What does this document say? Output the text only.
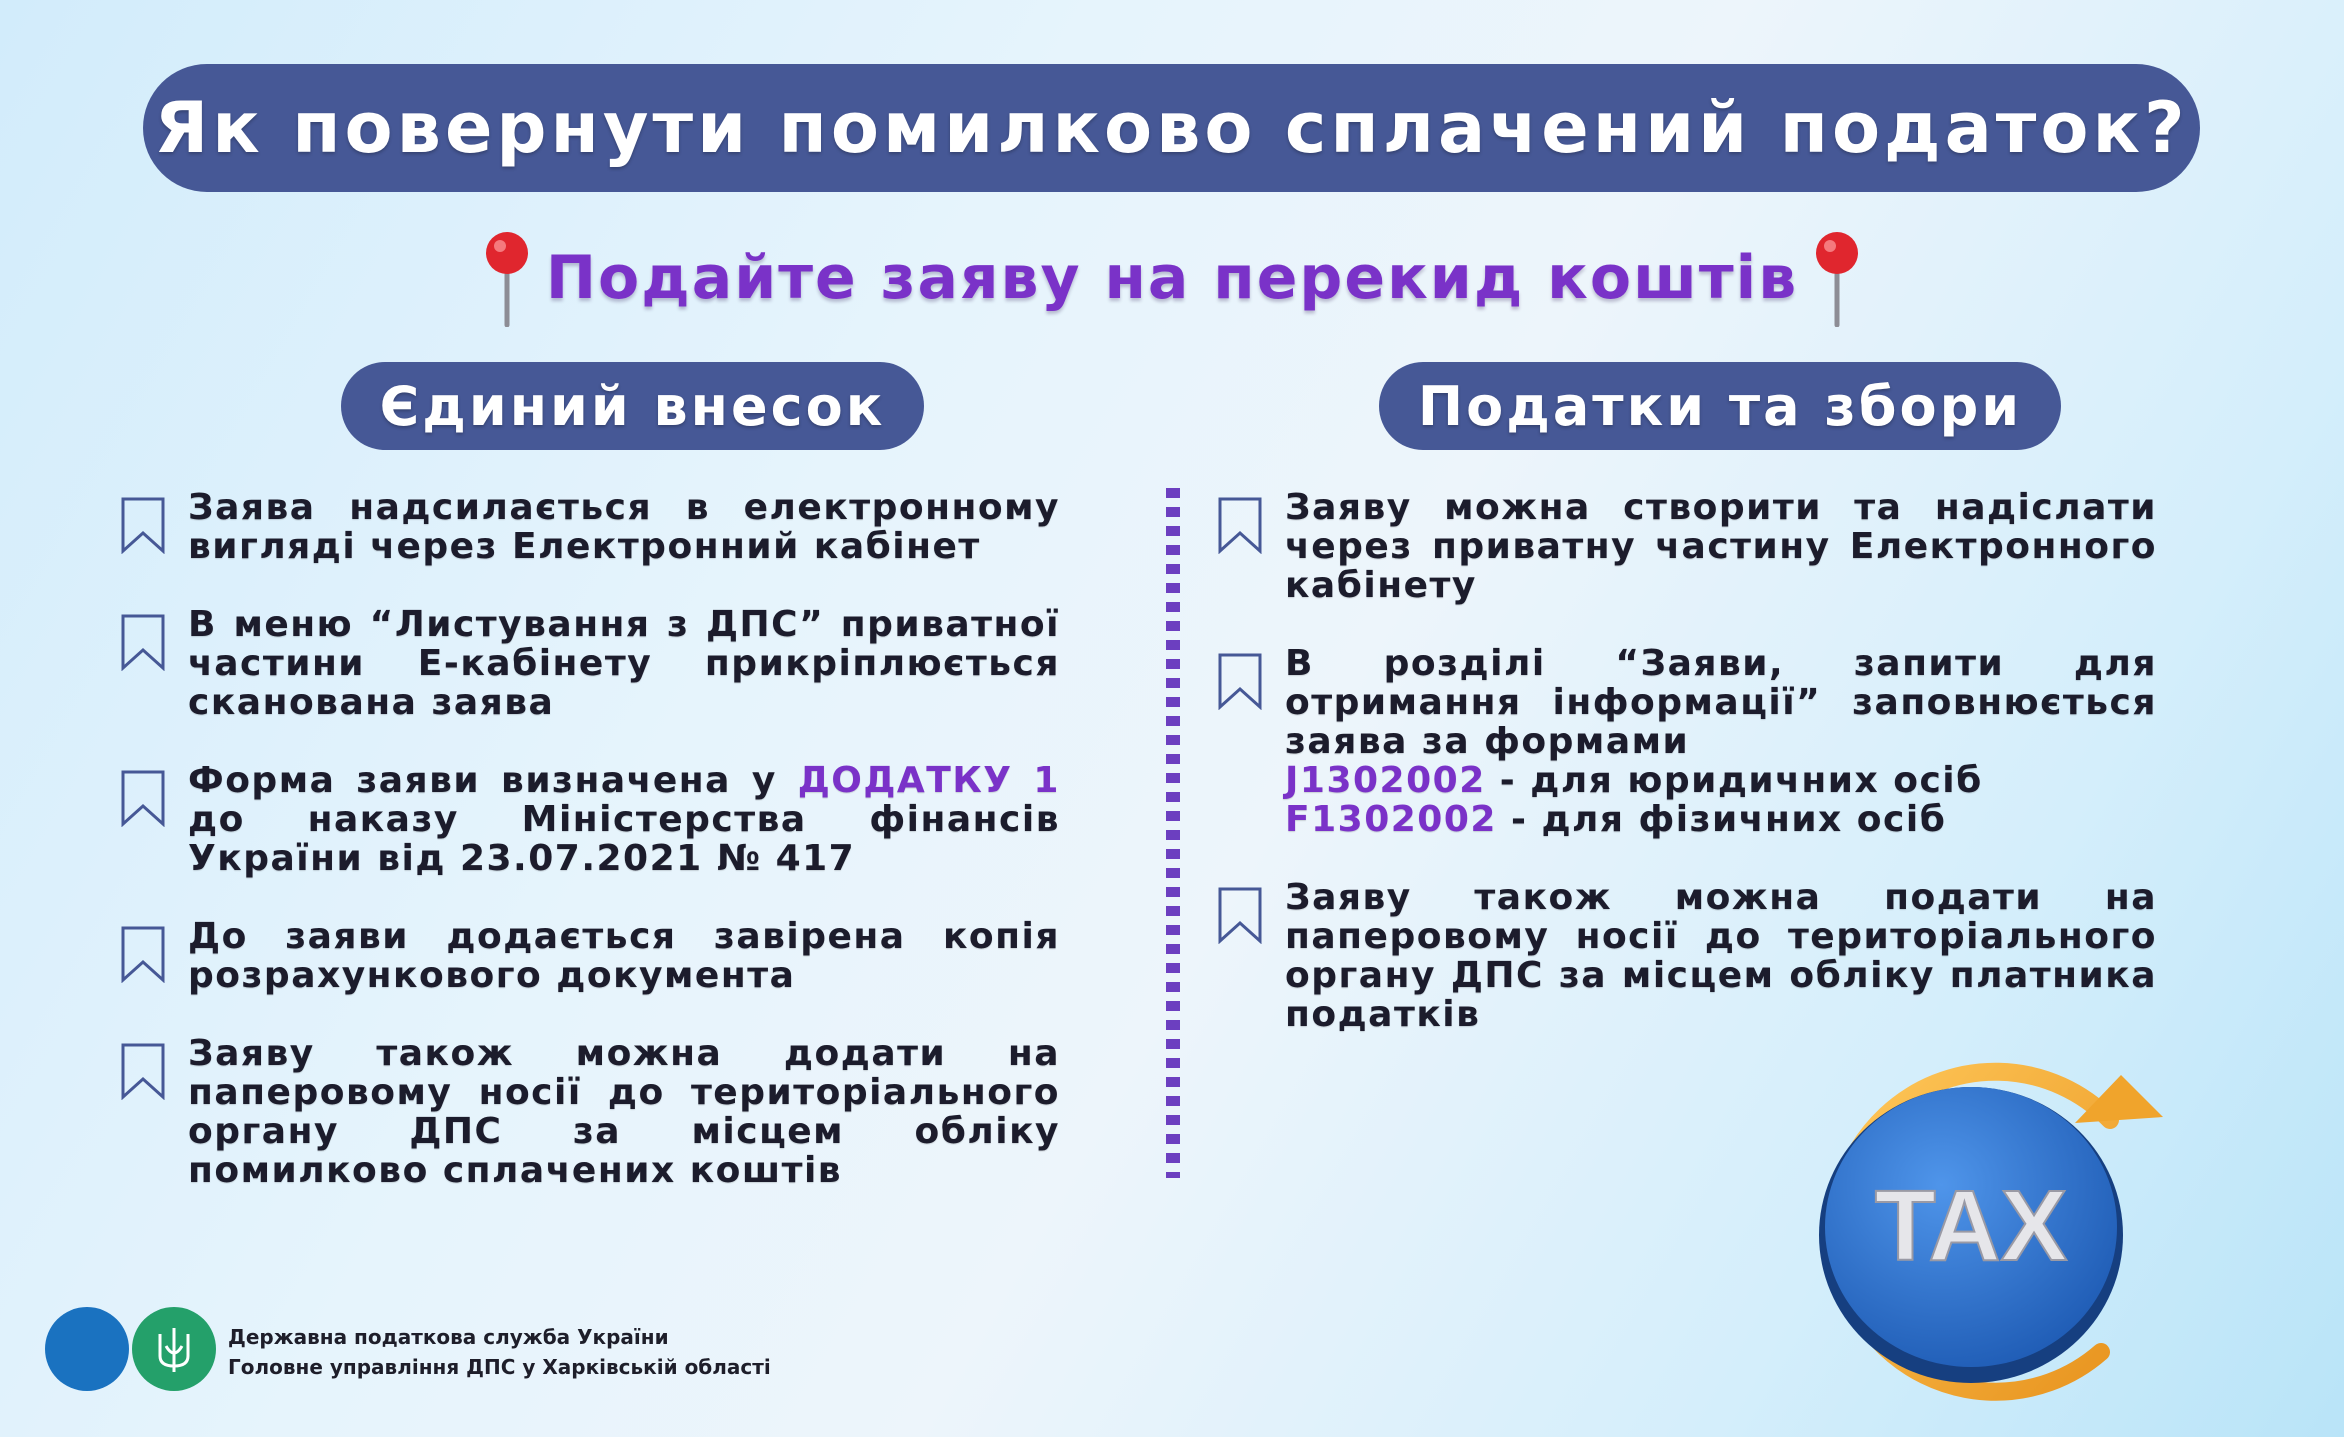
Як повернути помилково сплачений податок?
Подайте заяву на перекид коштів
Єдиний внесок	Податки та збори
Заява надсилається в електронному вигляді через Електронний кабінет
В меню “Листування з ДПС” приватної частини Е-кабінету прикріплюється сканована заява
Форма заяви визначена у ДОДАТКУ 1 до наказу Міністерства фінансів України від 23.07.2021 № 417
До заяви додається завірена копія розрахункового документа
Заяву також можна додати на паперовому носії до територіального органу ДПС за місцем обліку помилково сплачених коштів
Заяву можна створити та надіслати через приватну частину Електронного кабінету
В розділі “Заяви, запити для отримання інформації” заповнюється заява за формами
J1302002 - для юридичних осіб
F1302002 - для фізичних осіб
Заяву також можна подати на паперовому носії до територіального органу ДПС за місцем обліку платника податків
Державна податкова служба України
Головне управління ДПС у Харківській області
TAX
